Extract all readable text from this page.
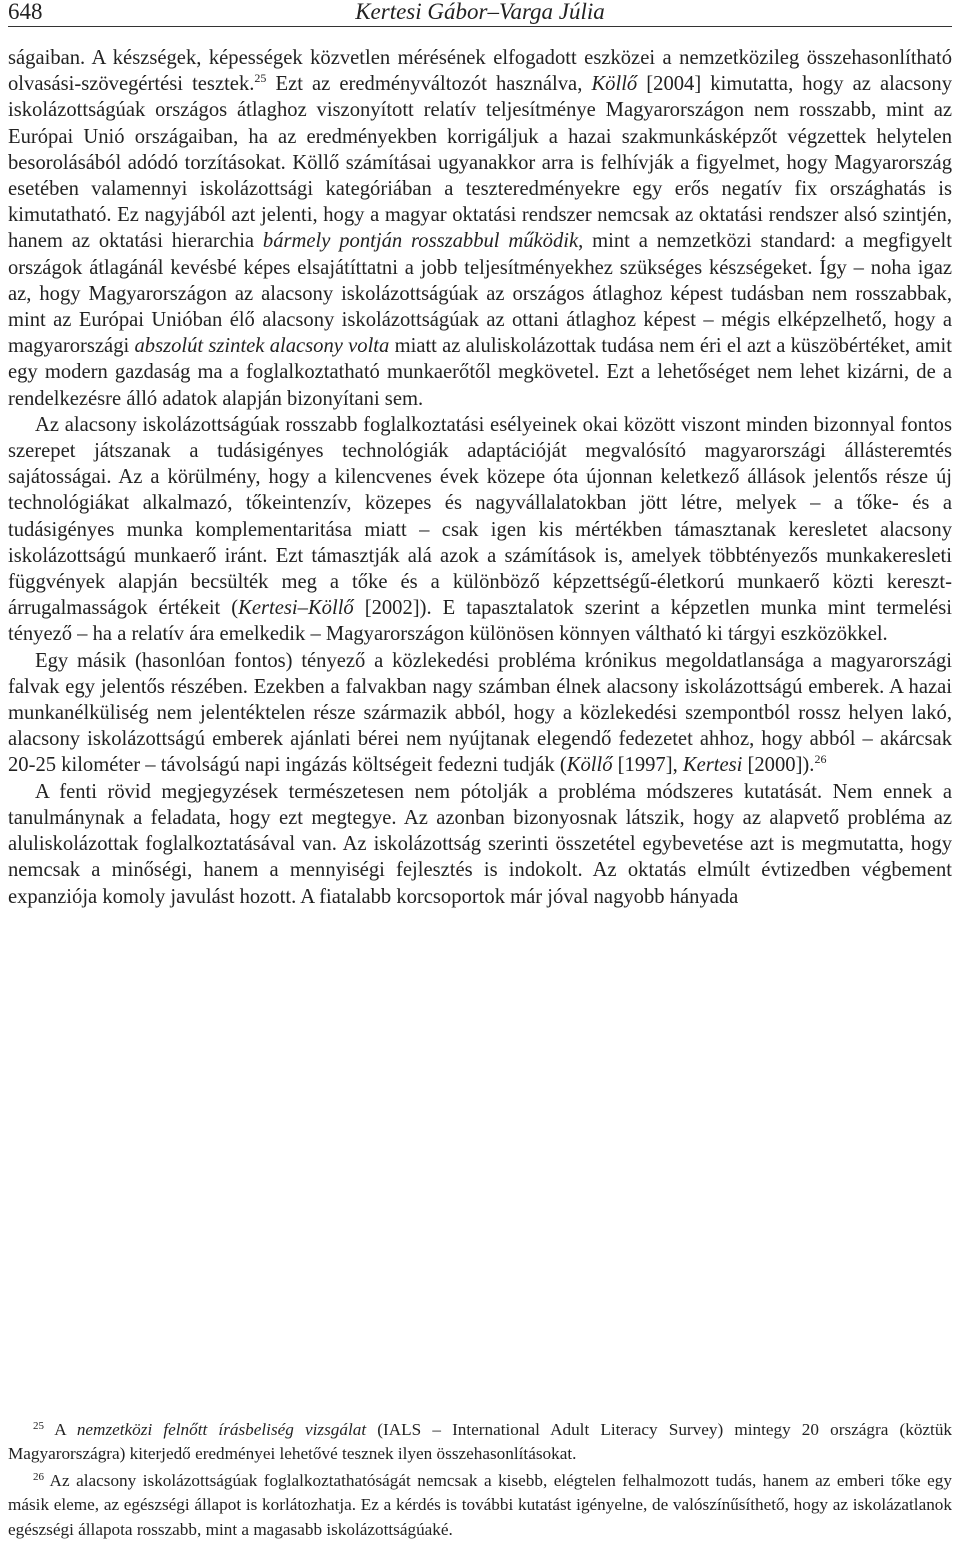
648	Kertesi Gábor–Varga Júlia

ságaiban. A készségek, képességek közvetlen mérésének elfogadott eszközei a nemzetközileg összehasonlítható olvasási-szövegértési tesztek.$^{25}$ Ezt az eredményváltozót használva, Köllő [2004] kimutatta, hogy az alacsony iskolázottságúak országos átlaghoz viszonyított relatív teljesítménye Magyarországon nem rosszabb, mint az Európai Unió országaiban, ha az eredményekben korrigáljuk a hazai szakmunkásképzőt végzettek helytelen besorolásából adódó torzításokat. Köllő számításai ugyanakkor arra is felhívják a figyelmet, hogy Magyarország esetében valamennyi iskolázottsági kategóriában a teszteredményekre egy erős negatív fix országhatás is kimutatható. Ez nagyjából azt jelenti, hogy a magyar oktatási rendszer nemcsak az oktatási rendszer alsó szintjén, hanem az oktatási hierarchia bármely pontján rosszabbul működik, mint a nemzetközi standard: a megfigyelt országok átlagánál kevésbé képes elsajátíttatni a jobb teljesítményekhez szükséges készségeket. Így – noha igaz az, hogy Magyarországon az alacsony iskolázottságúak az országos átlaghoz képest tudásban nem rosszabbak, mint az Európai Unióban élő alacsony iskolázottságúak az ottani átlaghoz képest – mégis elképzelhető, hogy a magyarországi abszolút szintek alacsony volta miatt az aluliskolázottak tudása nem éri el azt a küszöbértéket, amit egy modern gazdaság ma a foglalkoztatható munkaerőtől megkövetel. Ezt a lehetőséget nem lehet kizárni, de a rendelkezésre álló adatok alapján bizonyítani sem.

Az alacsony iskolázottságúak rosszabb foglalkoztatási esélyeinek okai között viszont minden bizonnyal fontos szerepet játszanak a tudásigényes technológiák adaptációját megvalósító magyarországi állásteremtés sajátosságai. Az a körülmény, hogy a kilencvenes évek közepe óta újonnan keletkező állások jelentős része új technológiákat alkalmazó, tőkeintenzív, közepes és nagyvállalatokban jött létre, melyek – a tőke- és a tudásigényes munka komplementaritása miatt – csak igen kis mértékben támasztanak keresletet alacsony iskolázottságú munkaerő iránt. Ezt támasztják alá azok a számítások is, amelyek többtényezős munkakeresleti függvények alapján becsülték meg a tőke és a különböző képzettségű-életkorú munkaerő közti kereszt-árrugalmasságok értékeit (Kertesi–Köllő [2002]). E tapasztalatok szerint a képzetlen munka mint termelési tényező – ha a relatív ára emelkedik – Magyarországon különösen könnyen váltható ki tárgyi eszközökkel.

Egy másik (hasonlóan fontos) tényező a közlekedési probléma krónikus megoldatlansága a magyarországi falvak egy jelentős részében. Ezekben a falvakban nagy számban élnek alacsony iskolázottságú emberek. A hazai munkanélküliség nem jelentéktelen része származik abból, hogy a közlekedési szempontból rossz helyen lakó, alacsony iskolázottságú emberek ajánlati bérei nem nyújtanak elegendő fedezetet ahhoz, hogy abból – akárcsak 20-25 kilométer – távolságú napi ingázás költségeit fedezni tudják (Köllő [1997], Kertesi [2000]).$^{26}$

A fenti rövid megjegyzések természetesen nem pótolják a probléma módszeres kutatását. Nem ennek a tanulmánynak a feladata, hogy ezt megtegye. Az azonban bizonyosnak látszik, hogy az alapvető probléma az aluliskolázottak foglalkoztatásával van. Az iskolázottság szerinti összetétel egybevetése azt is megmutatta, hogy nemcsak a minőségi, hanem a mennyiségi fejlesztés is indokolt. Az oktatás elmúlt évtizedben végbement expanziója komoly javulást hozott. A fiatalabb korcsoportok már jóval nagyobb hányada

$^{25}$ A nemzetközi felnőtt írásbeliség vizsgálat (IALS – International Adult Literacy Survey) mintegy 20 országra (köztük Magyarországra) kiterjedő eredményei lehetővé tesznek ilyen összehasonlításokat.

$^{26}$ Az alacsony iskolázottságúak foglalkoztathatóságát nemcsak a kisebb, elégtelen felhalmozott tudás, hanem az emberi tőke egy másik eleme, az egészségi állapot is korlátozhatja. Ez a kérdés is további kutatást igényelne, de valószínűsíthető, hogy az iskolázatlanok egészségi állapota rosszabb, mint a magasabb iskolázottságúaké.
